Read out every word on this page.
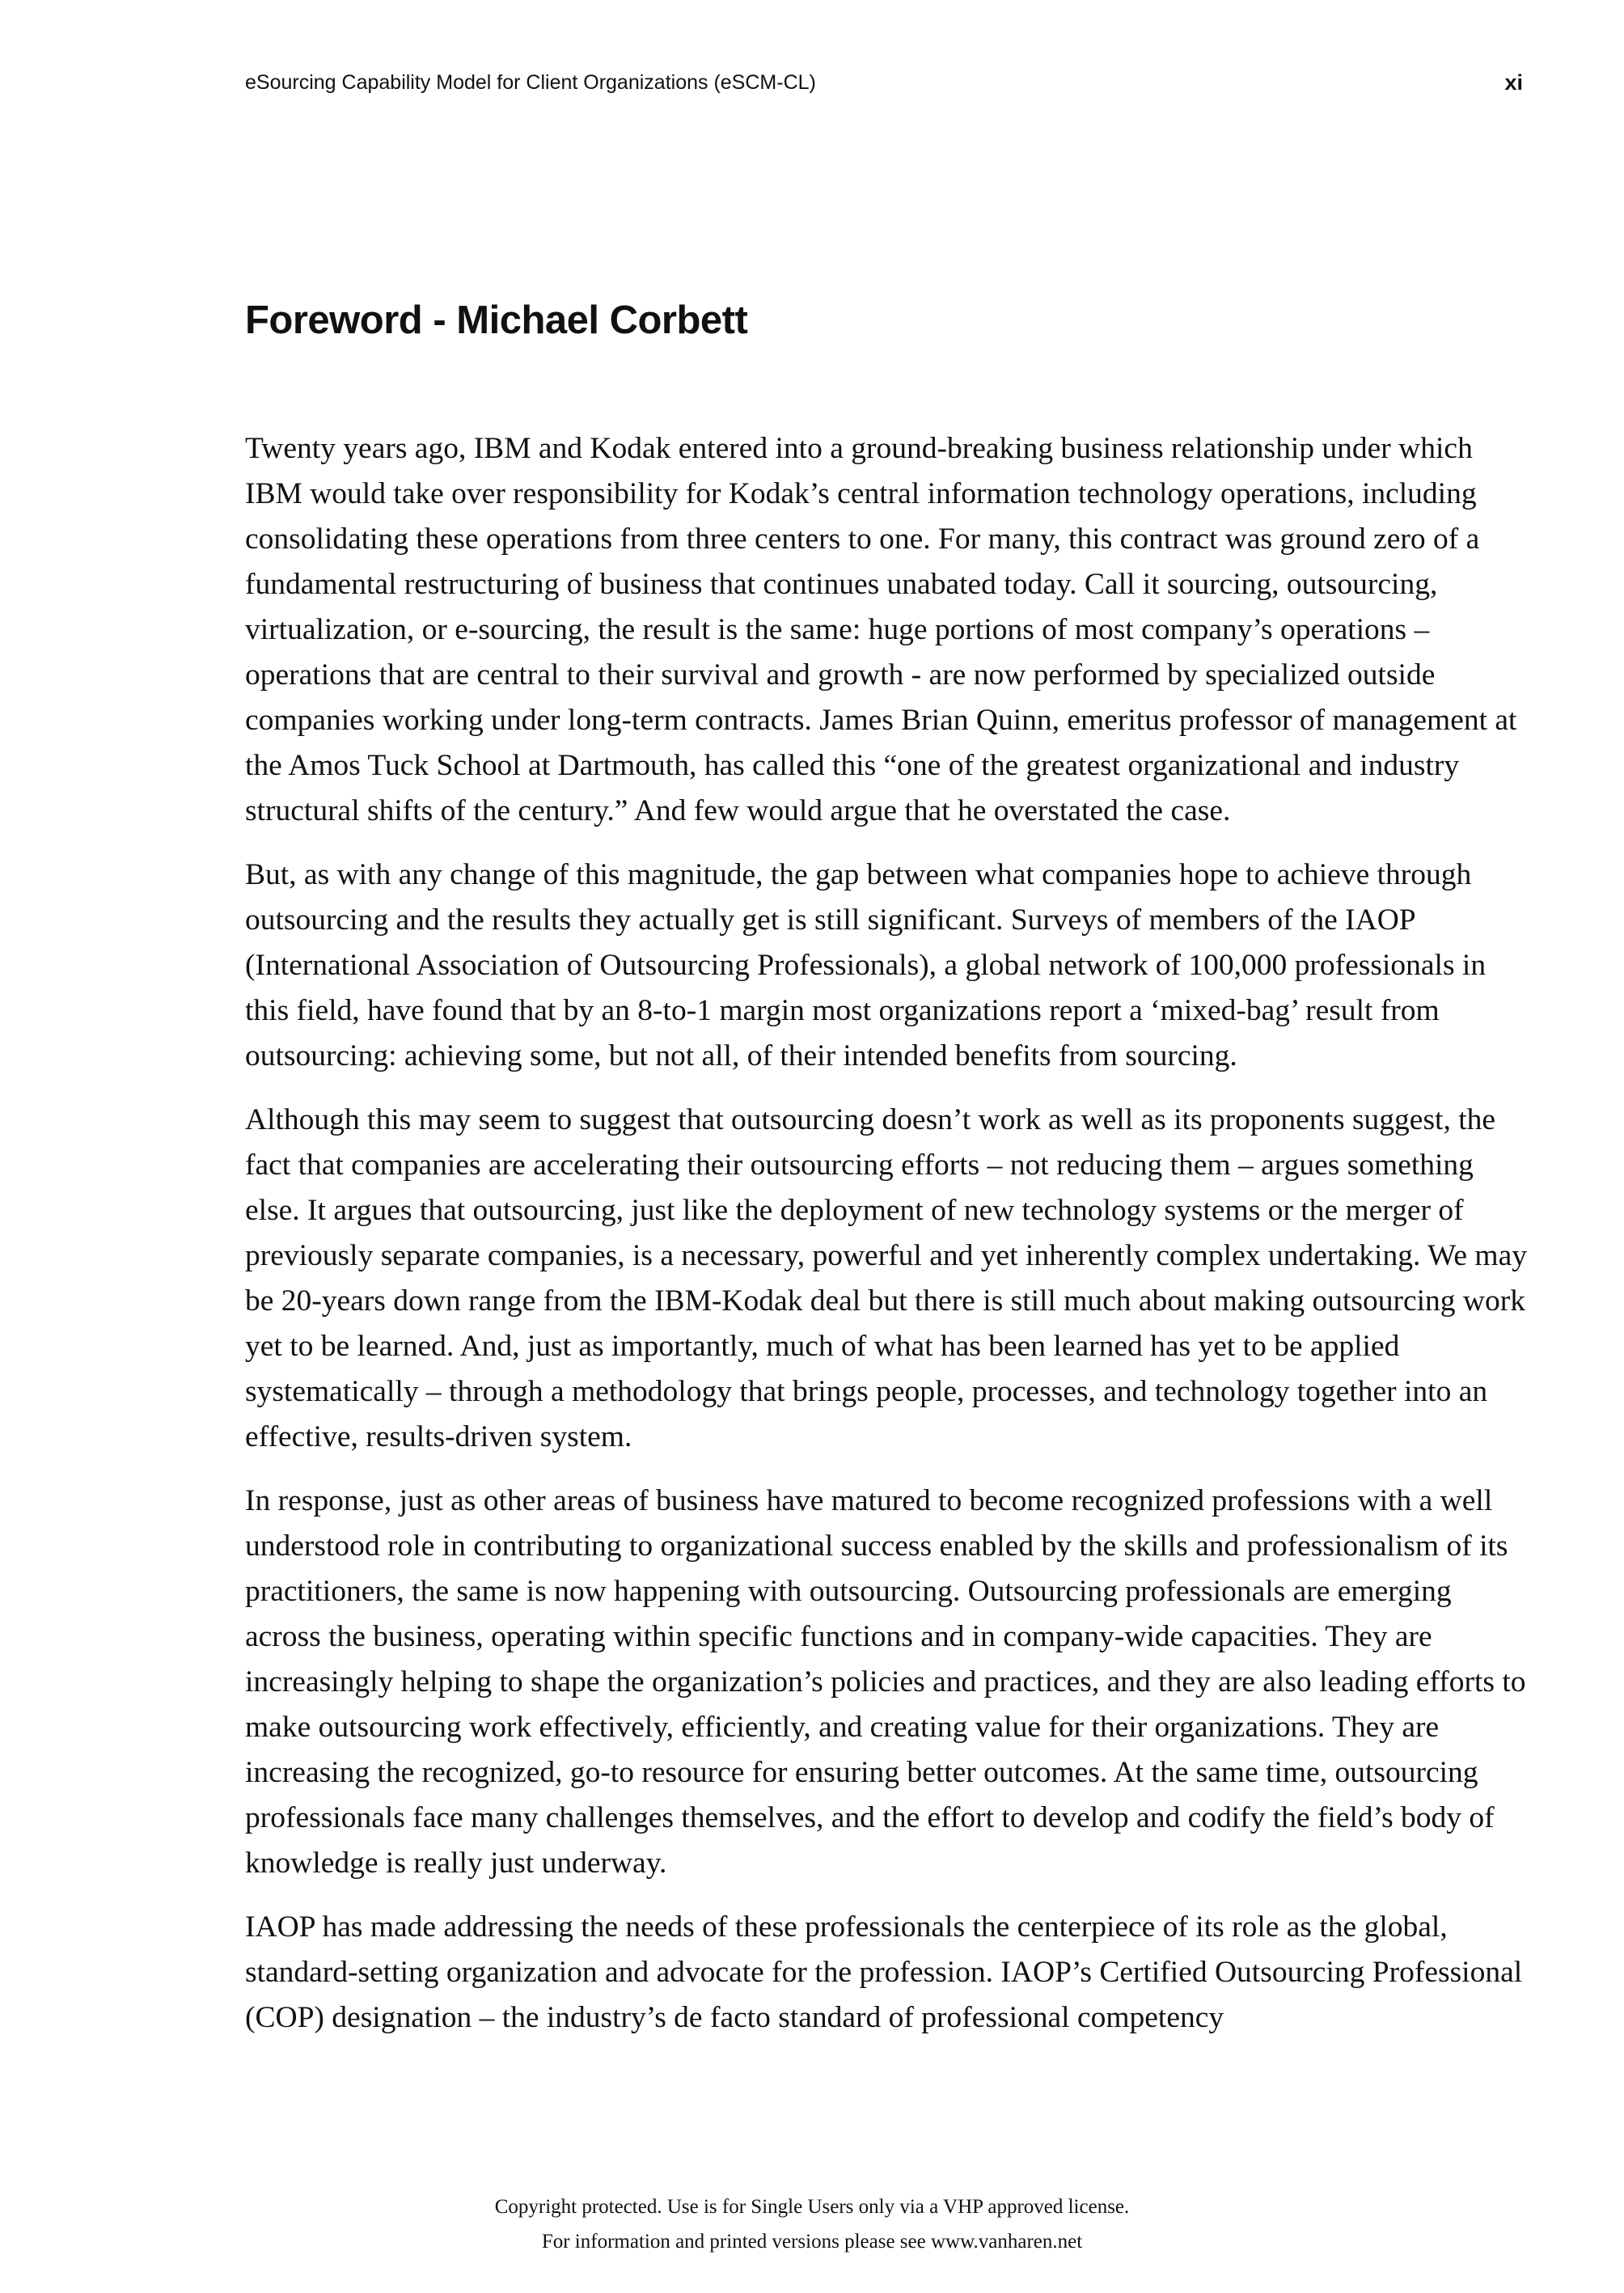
eSourcing Capability Model for Client Organizations (eSCM-CL)	xi
Foreword - Michael Corbett

Twenty years ago, IBM and Kodak entered into a ground-breaking business relationship under which IBM would take over responsibility for Kodak’s central information technology operations, including consolidating these operations from three centers to one. For many, this contract was ground zero of a fundamental restructuring of business that continues unabated today. Call it sourcing, outsourcing, virtualization, or e-sourcing, the result is the same: huge portions of most company’s operations – operations that are central to their survival and growth - are now performed by specialized outside companies working under long-term contracts. James Brian Quinn, emeritus professor of management at the Amos Tuck School at Dartmouth, has called this “one of the greatest organizational and industry structural shifts of the century.” And few would argue that he overstated the case.

But, as with any change of this magnitude, the gap between what companies hope to achieve through outsourcing and the results they actually get is still significant. Surveys of members of the IAOP (International Association of Outsourcing Professionals), a global network of 100,000 professionals in this field, have found that by an 8-to-1 margin most organizations report a ‘mixed-bag’ result from outsourcing: achieving some, but not all, of their intended benefits from sourcing.

Although this may seem to suggest that outsourcing doesn’t work as well as its proponents suggest, the fact that companies are accelerating their outsourcing efforts – not reducing them – argues something else. It argues that outsourcing, just like the deployment of new technology systems or the merger of previously separate companies, is a necessary, powerful and yet inherently complex undertaking. We may be 20-years down range from the IBM-Kodak deal but there is still much about making outsourcing work yet to be learned. And, just as importantly, much of what has been learned has yet to be applied systematically – through a methodology that brings people, processes, and technology together into an effective, results-driven system.

In response, just as other areas of business have matured to become recognized professions with a well understood role in contributing to organizational success enabled by the skills and professionalism of its practitioners, the same is now happening with outsourcing. Outsourcing professionals are emerging across the business, operating within specific functions and in company-wide capacities. They are increasingly helping to shape the organization’s policies and practices, and they are also leading efforts to make outsourcing work effectively, efficiently, and creating value for their organizations. They are increasing the recognized, go-to resource for ensuring better outcomes. At the same time, outsourcing professionals face many challenges themselves, and the effort to develop and codify the field’s body of knowledge is really just underway.

IAOP has made addressing the needs of these professionals the centerpiece of its role as the global, standard-setting organization and advocate for the profession. IAOP’s Certified Outsourcing Professional (COP) designation – the industry’s de facto standard of professional competency

Copyright protected. Use is for Single Users only via a VHP approved license.
For information and printed versions please see www.vanharen.net
